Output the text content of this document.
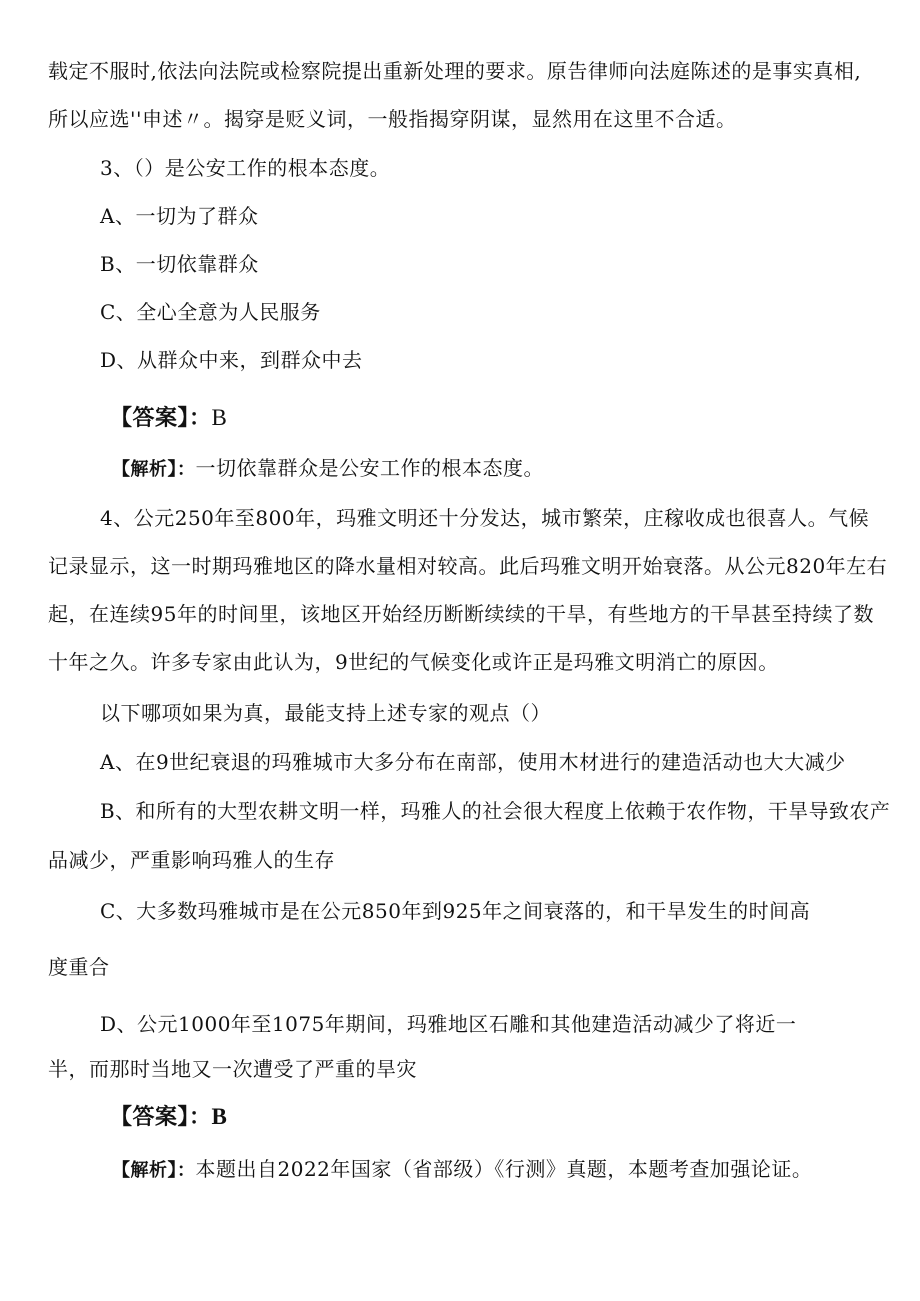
载定不服时,依法向法院或检察院提出重新处理的要求。原告律师向法庭陈述的是事实真相,
所以应选''申述〃。揭穿是贬义词，一般指揭穿阴谋，显然用在这里不合适。
3、（）是公安工作的根本态度。
A、一切为了群众
B、一切依靠群众
C、全心全意为人民服务
D、从群众中来，到群众中去
【答案】：B
【解析】：一切依靠群众是公安工作的根本态度。
4、公元250年至800年，玛雅文明还十分发达，城市繁荣，庄稼收成也很喜人。气候
记录显示，这一时期玛雅地区的降水量相对较高。此后玛雅文明开始衰落。从公元820年左右
起，在连续95年的时间里，该地区开始经历断断续续的干旱，有些地方的干旱甚至持续了数
十年之久。许多专家由此认为，9世纪的气候变化或许正是玛雅文明消亡的原因。
以下哪项如果为真，最能支持上述专家的观点（）
A、在9世纪衰退的玛雅城市大多分布在南部，使用木材进行的建造活动也大大减少
B、和所有的大型农耕文明一样，玛雅人的社会很大程度上依赖于农作物，干旱导致农产
品减少，严重影响玛雅人的生存
C、大多数玛雅城市是在公元850年到925年之间衰落的，和干旱发生的时间高
度重合
D、公元1000年至1075年期间，玛雅地区石雕和其他建造活动减少了将近一
半，而那时当地又一次遭受了严重的旱灾
【答案】：B
【解析】：本题出自2022年国家（省部级）《行测》真题，本题考查加强论证。
